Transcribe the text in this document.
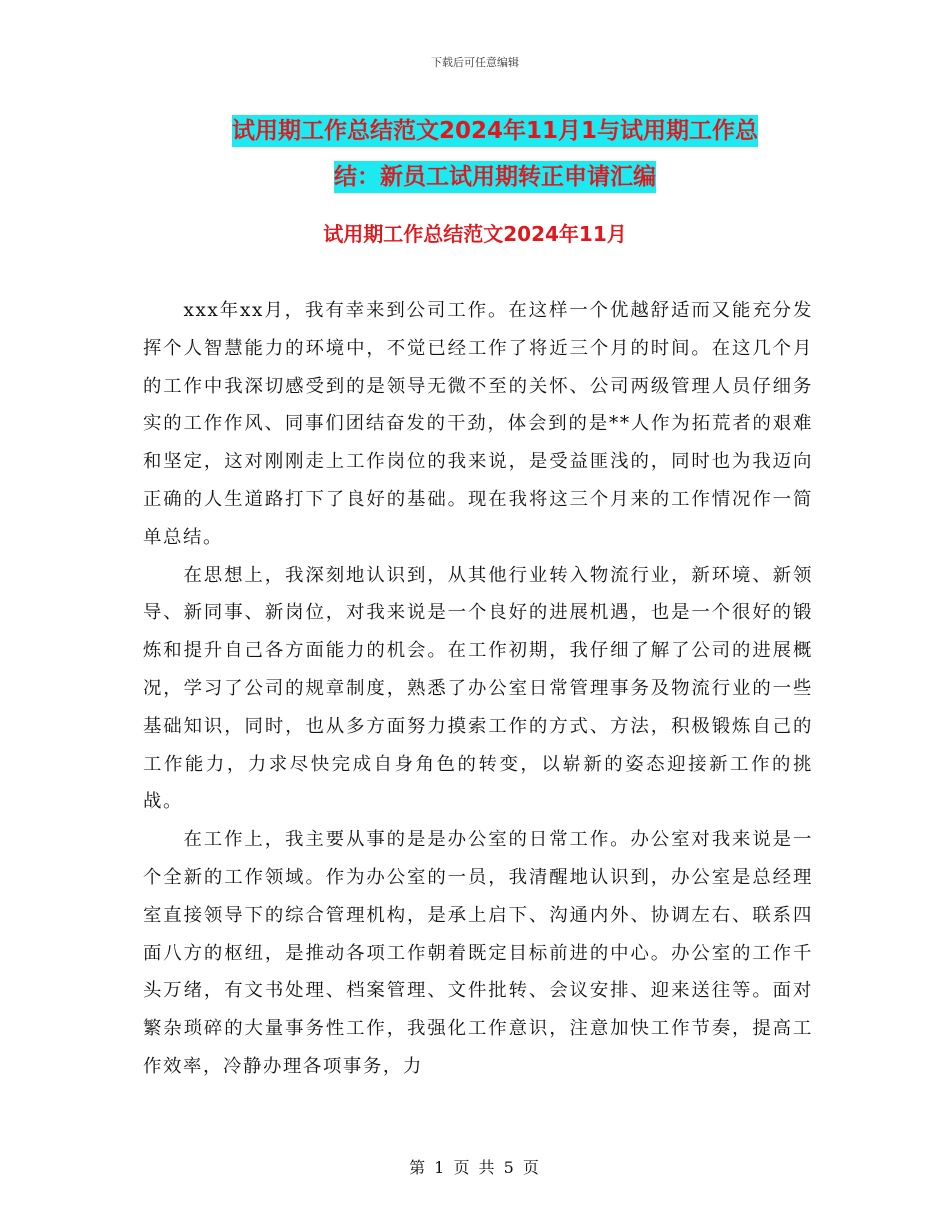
下载后可任意编辑
试用期工作总结范文2024年11月1与试用期工作总
结：新员工试用期转正申请汇编
试用期工作总结范文2024年11月

xxx年xx月，我有幸来到公司工作。在这样一个优越舒适而又能充分发挥个人智慧能力的环境中，不觉已经工作了将近三个月的时间。在这几个月的工作中我深切感受到的是领导无微不至的关怀、公司两级管理人员仔细务实的工作作风、同事们团结奋发的干劲，体会到的是**人作为拓荒者的艰难和坚定，这对刚刚走上工作岗位的我来说，是受益匪浅的，同时也为我迈向正确的人生道路打下了良好的基础。现在我将这三个月来的工作情况作一简单总结。

在思想上，我深刻地认识到，从其他行业转入物流行业，新环境、新领导、新同事、新岗位，对我来说是一个良好的进展机遇，也是一个很好的锻炼和提升自己各方面能力的机会。在工作初期，我仔细了解了公司的进展概况，学习了公司的规章制度，熟悉了办公室日常管理事务及物流行业的一些基础知识，同时，也从多方面努力摸索工作的方式、方法，积极锻炼自己的工作能力，力求尽快完成自身角色的转变，以崭新的姿态迎接新工作的挑战。

在工作上，我主要从事的是是办公室的日常工作。办公室对我来说是一个全新的工作领域。作为办公室的一员，我清醒地认识到，办公室是总经理室直接领导下的综合管理机构，是承上启下、沟通内外、协调左右、联系四面八方的枢纽，是推动各项工作朝着既定目标前进的中心。办公室的工作千头万绪，有文书处理、档案管理、文件批转、会议安排、迎来送往等。面对繁杂琐碎的大量事务性工作，我强化工作意识，注意加快工作节奏，提高工作效率，冷静办理各项事务，力

第 1 页 共 5 页
